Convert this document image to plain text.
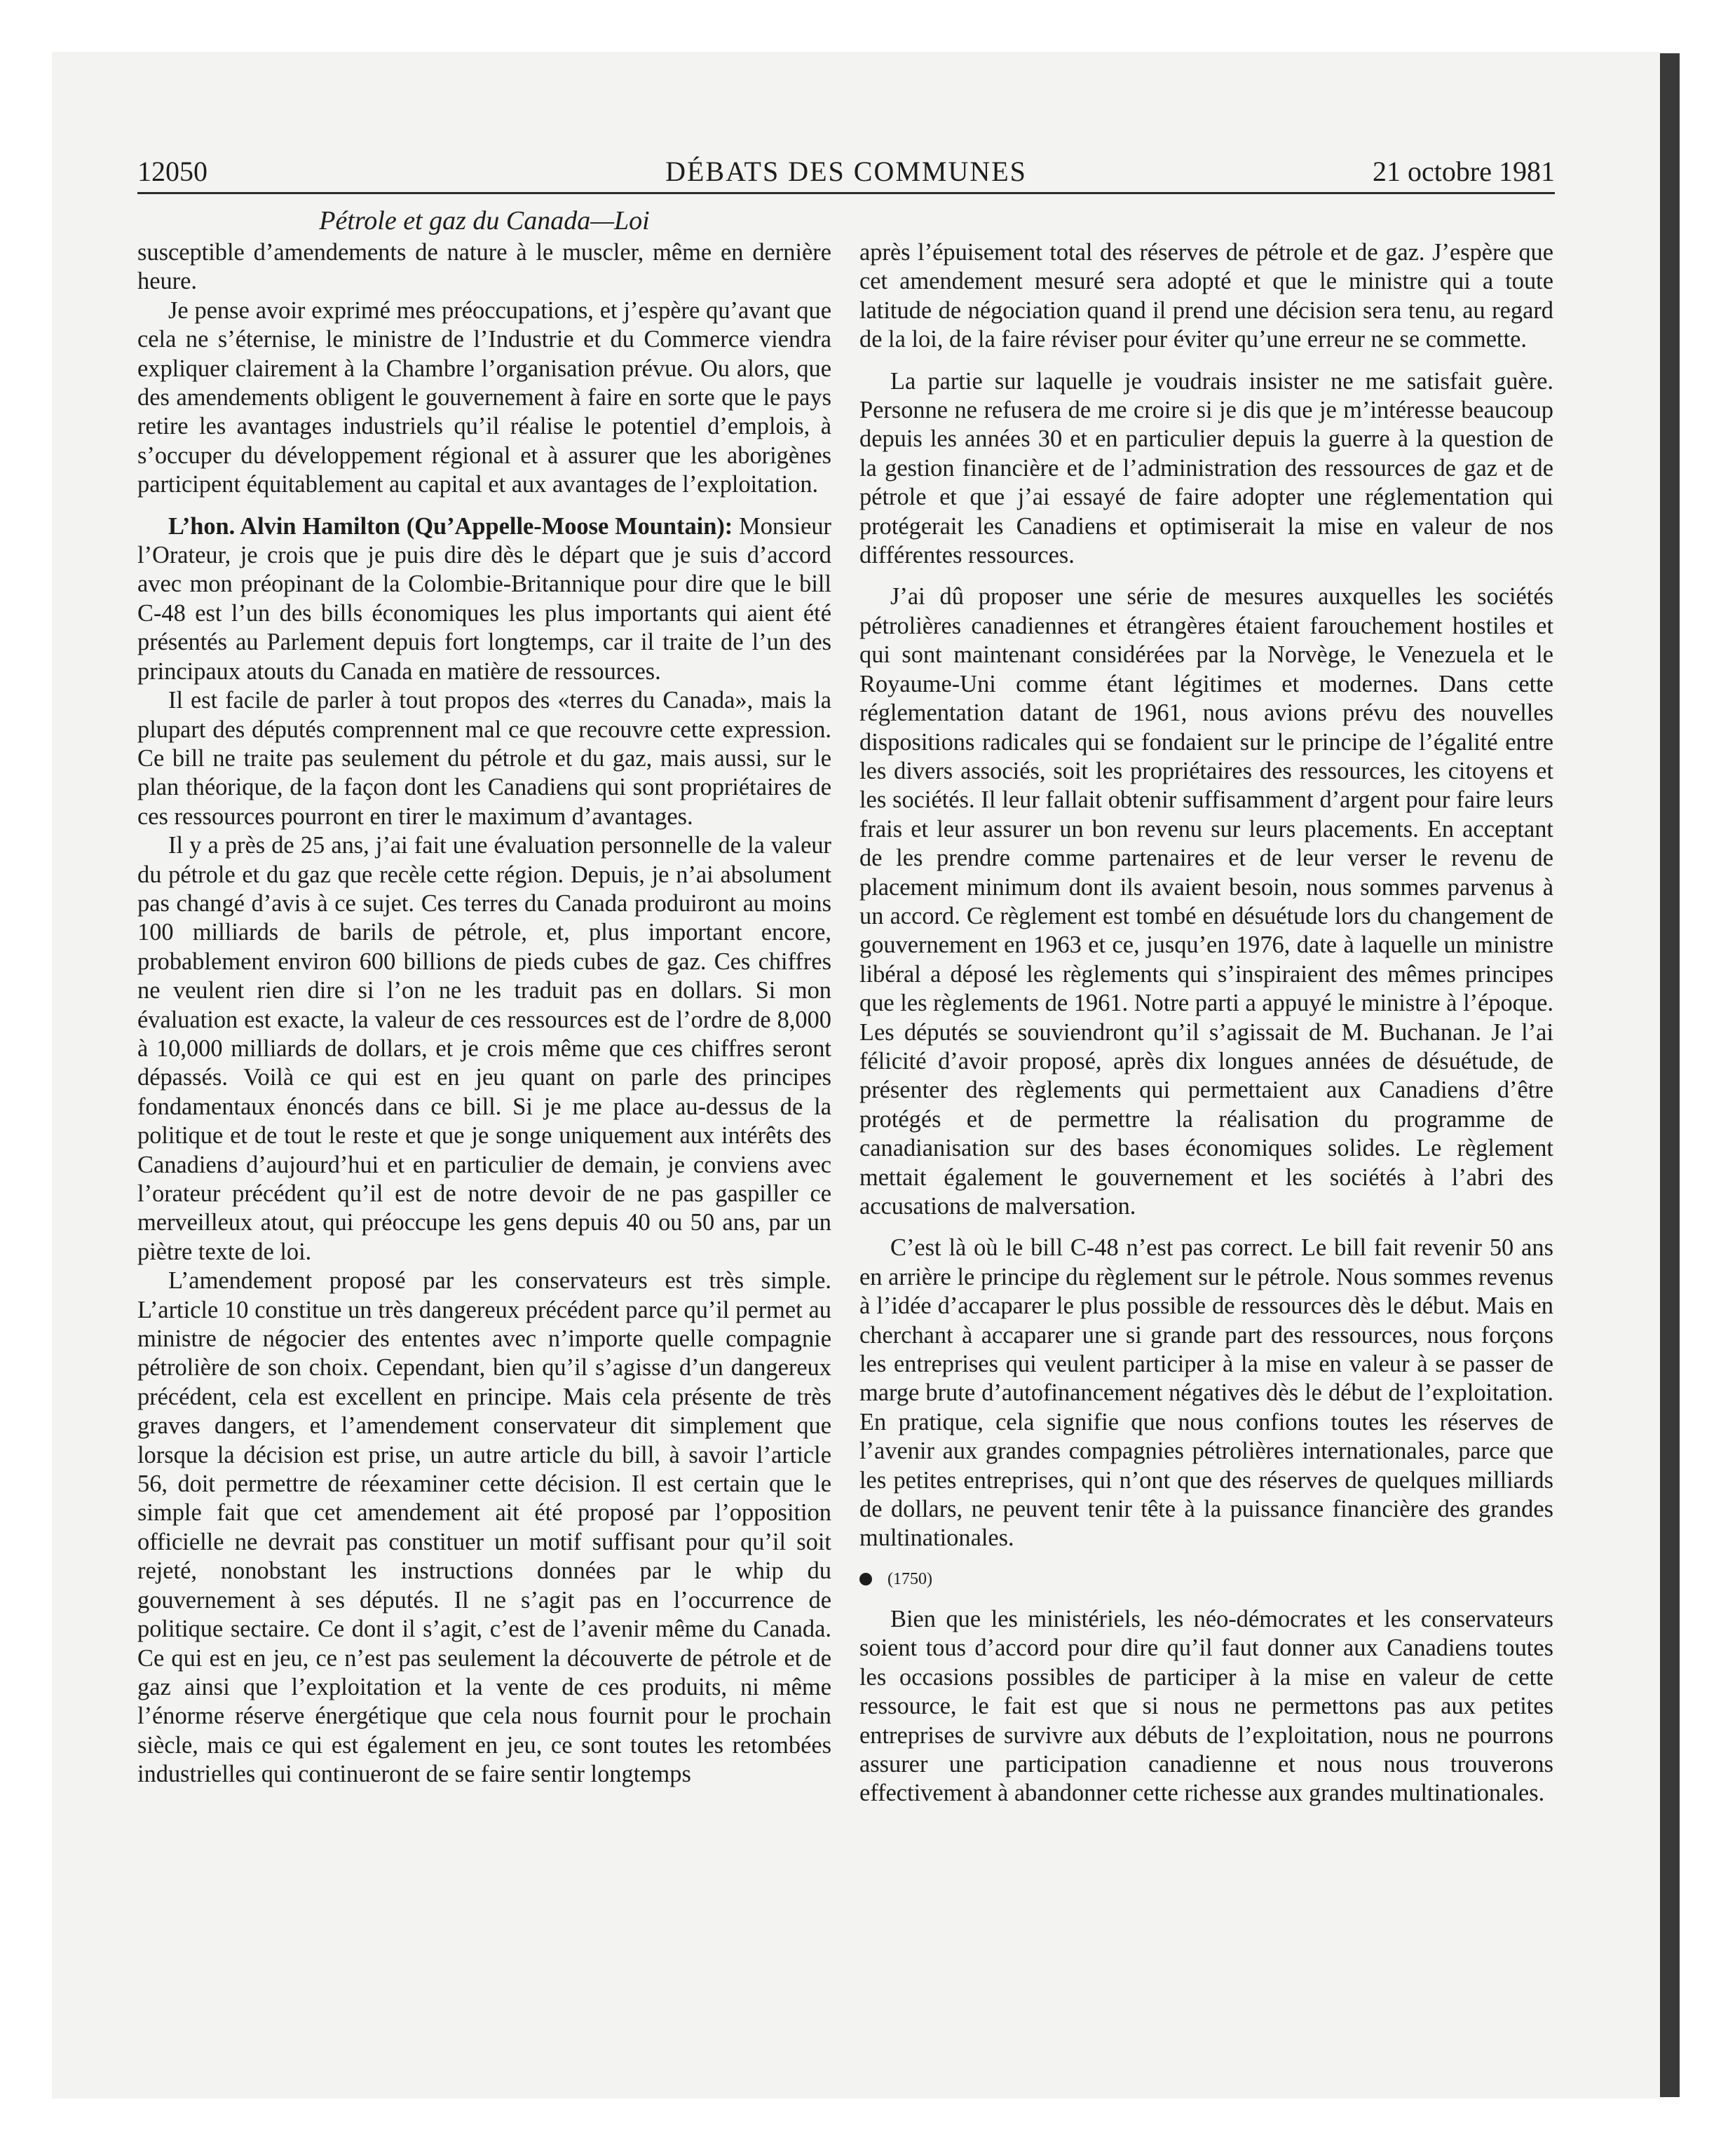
12050	DÉBATS DES COMMUNES	21 octobre 1981
Pétrole et gaz du Canada—Loi

susceptible d’amendements de nature à le muscler, même en dernière heure.

Je pense avoir exprimé mes préoccupations, et j’espère qu’avant que cela ne s’éternise, le ministre de l’Industrie et du Commerce viendra expliquer clairement à la Chambre l’organisation prévue. Ou alors, que des amendements obligent le gouvernement à faire en sorte que le pays retire les avantages industriels qu’il réalise le potentiel d’emplois, à s’occuper du développement régional et à assurer que les aborigènes participent équitablement au capital et aux avantages de l’exploitation.

L’hon. Alvin Hamilton (Qu’Appelle-Moose Mountain): Monsieur l’Orateur, je crois que je puis dire dès le départ que je suis d’accord avec mon préopinant de la Colombie-Britannique pour dire que le bill C-48 est l’un des bills économiques les plus importants qui aient été présentés au Parlement depuis fort longtemps, car il traite de l’un des principaux atouts du Canada en matière de ressources.

Il est facile de parler à tout propos des «terres du Canada», mais la plupart des députés comprennent mal ce que recouvre cette expression. Ce bill ne traite pas seulement du pétrole et du gaz, mais aussi, sur le plan théorique, de la façon dont les Canadiens qui sont propriétaires de ces ressources pourront en tirer le maximum d’avantages.

Il y a près de 25 ans, j’ai fait une évaluation personnelle de la valeur du pétrole et du gaz que recèle cette région. Depuis, je n’ai absolument pas changé d’avis à ce sujet. Ces terres du Canada produiront au moins 100 milliards de barils de pétrole, et, plus important encore, probablement environ 600 billions de pieds cubes de gaz. Ces chiffres ne veulent rien dire si l’on ne les traduit pas en dollars. Si mon évaluation est exacte, la valeur de ces ressources est de l’ordre de 8,000 à 10,000 milliards de dollars, et je crois même que ces chiffres seront dépassés. Voilà ce qui est en jeu quant on parle des principes fondamentaux énoncés dans ce bill. Si je me place au-dessus de la politique et de tout le reste et que je songe uniquement aux intérêts des Canadiens d’aujourd’hui et en particulier de demain, je conviens avec l’orateur précédent qu’il est de notre devoir de ne pas gaspiller ce merveilleux atout, qui préoccupe les gens depuis 40 ou 50 ans, par un piètre texte de loi.

L’amendement proposé par les conservateurs est très simple. L’article 10 constitue un très dangereux précédent parce qu’il permet au ministre de négocier des ententes avec n’importe quelle compagnie pétrolière de son choix. Cependant, bien qu’il s’agisse d’un dangereux précédent, cela est excellent en principe. Mais cela présente de très graves dangers, et l’amendement conservateur dit simplement que lorsque la décision est prise, un autre article du bill, à savoir l’article 56, doit permettre de réexaminer cette décision. Il est certain que le simple fait que cet amendement ait été proposé par l’opposition officielle ne devrait pas constituer un motif suffisant pour qu’il soit rejeté, nonobstant les instructions données par le whip du gouvernement à ses députés. Il ne s’agit pas en l’occurrence de politique sectaire. Ce dont il s’agit, c’est de l’avenir même du Canada. Ce qui est en jeu, ce n’est pas seulement la découverte de pétrole et de gaz ainsi que l’exploitation et la vente de ces produits, ni même l’énorme réserve énergétique que cela nous fournit pour le prochain siècle, mais ce qui est également en jeu, ce sont toutes les retombées industrielles qui continueront de se faire sentir longtemps

après l’épuisement total des réserves de pétrole et de gaz. J’espère que cet amendement mesuré sera adopté et que le ministre qui a toute latitude de négociation quand il prend une décision sera tenu, au regard de la loi, de la faire réviser pour éviter qu’une erreur ne se commette.

La partie sur laquelle je voudrais insister ne me satisfait guère. Personne ne refusera de me croire si je dis que je m’intéresse beaucoup depuis les années 30 et en particulier depuis la guerre à la question de la gestion financière et de l’administration des ressources de gaz et de pétrole et que j’ai essayé de faire adopter une réglementation qui protégerait les Canadiens et optimiserait la mise en valeur de nos différentes ressources.

J’ai dû proposer une série de mesures auxquelles les sociétés pétrolières canadiennes et étrangères étaient farouchement hostiles et qui sont maintenant considérées par la Norvège, le Venezuela et le Royaume-Uni comme étant légitimes et modernes. Dans cette réglementation datant de 1961, nous avions prévu des nouvelles dispositions radicales qui se fondaient sur le principe de l’égalité entre les divers associés, soit les propriétaires des ressources, les citoyens et les sociétés. Il leur fallait obtenir suffisamment d’argent pour faire leurs frais et leur assurer un bon revenu sur leurs placements. En acceptant de les prendre comme partenaires et de leur verser le revenu de placement minimum dont ils avaient besoin, nous sommes parvenus à un accord. Ce règlement est tombé en désuétude lors du changement de gouvernement en 1963 et ce, jusqu’en 1976, date à laquelle un ministre libéral a déposé les règlements qui s’inspiraient des mêmes principes que les règlements de 1961. Notre parti a appuyé le ministre à l’époque. Les députés se souviendront qu’il s’agissait de M. Buchanan. Je l’ai félicité d’avoir proposé, après dix longues années de désuétude, de présenter des règlements qui permettaient aux Canadiens d’être protégés et de permettre la réalisation du programme de canadianisation sur des bases économiques solides. Le règlement mettait également le gouvernement et les sociétés à l’abri des accusations de malversation.

C’est là où le bill C-48 n’est pas correct. Le bill fait revenir 50 ans en arrière le principe du règlement sur le pétrole. Nous sommes revenus à l’idée d’accaparer le plus possible de ressources dès le début. Mais en cherchant à accaparer une si grande part des ressources, nous forçons les entreprises qui veulent participer à la mise en valeur à se passer de marge brute d’autofinancement négatives dès le début de l’exploitation. En pratique, cela signifie que nous confions toutes les réserves de l’avenir aux grandes compagnies pétrolières internationales, parce que les petites entreprises, qui n’ont que des réserves de quelques milliards de dollars, ne peuvent tenir tête à la puissance financière des grandes multinationales.

(1750)

Bien que les ministériels, les néo-démocrates et les conservateurs soient tous d’accord pour dire qu’il faut donner aux Canadiens toutes les occasions possibles de participer à la mise en valeur de cette ressource, le fait est que si nous ne permettons pas aux petites entreprises de survivre aux débuts de l’exploitation, nous ne pourrons assurer une participation canadienne et nous nous trouverons effectivement à abandonner cette richesse aux grandes multinationales.
